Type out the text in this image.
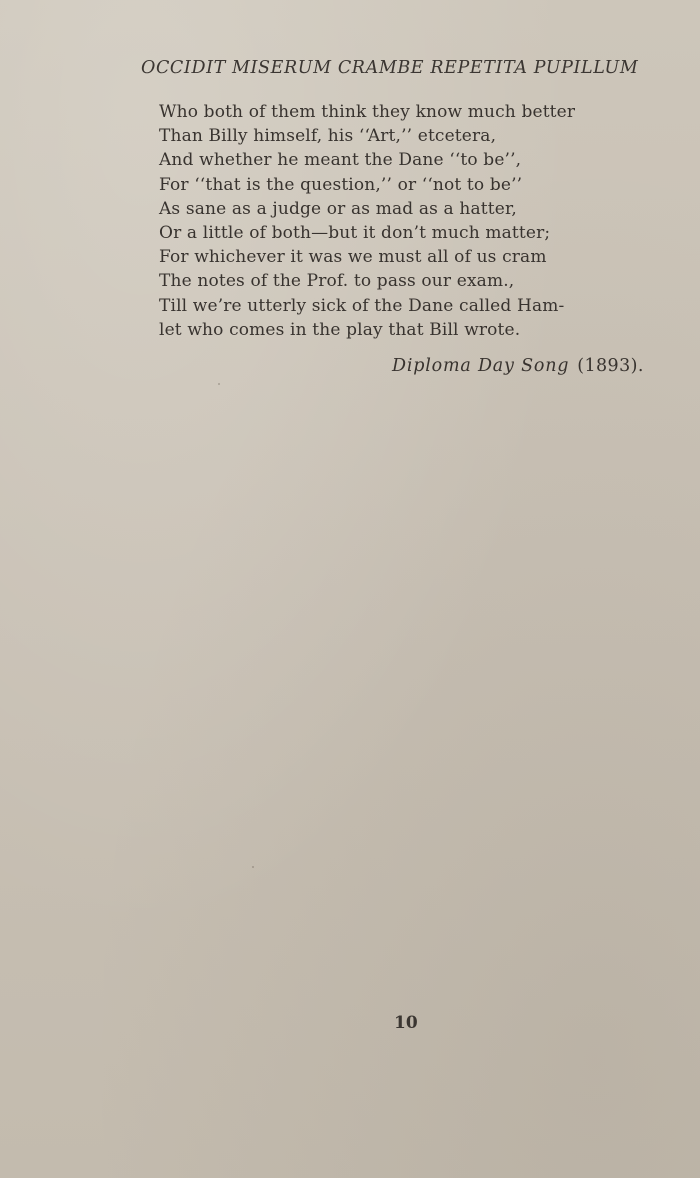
OCCIDIT MISERUM CRAMBE REPETITA PUPILLUM
Who both of them think they know much better
Than Billy himself, his ‘‘Art,’’ etcetera,
And whether he meant the Dane ‘‘to be’’,
For ‘‘that is the question,’’ or ‘‘not to be’’
As sane as a judge or as mad as a hatter,
Or a little of both—but it don’t much matter;
For whichever it was we must all of us cram
The notes of the Prof. to pass our exam.,
Till we’re utterly sick of the Dane called Ham-
let who comes in the play that Bill wrote.
Diploma Day Song (1893).
10
